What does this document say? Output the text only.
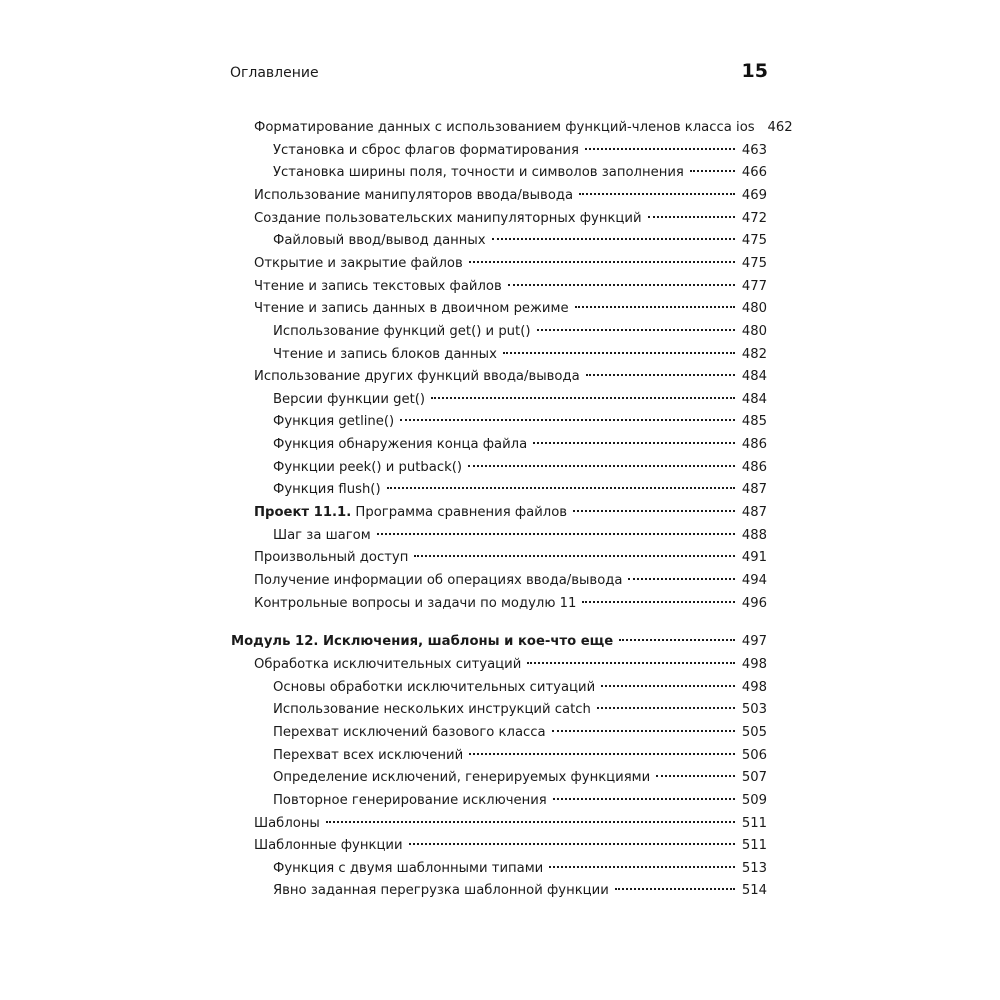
Оглавление	15
Форматирование данных с использованием функций-членов класса ios 462
Установка и сброс флагов форматирования	463
Установка ширины поля, точности и символов заполнения	466
Использование манипуляторов ввода/вывода	469
Создание пользовательских манипуляторных функций	472
Файловый ввод/вывод данных	475
Открытие и закрытие файлов	475
Чтение и запись текстовых файлов	477
Чтение и запись данных в двоичном режиме	480
Использование функций get() и put()	480
Чтение и запись блоков данных	482
Использование других функций ввода/вывода	484
Версии функции get()	484
Функция getline()	485
Функция обнаружения конца файла	486
Функции peek() и putback()	486
Функция flush()	487
Проект 11.1. Программа сравнения файлов	487
Шаг за шагом	488
Произвольный доступ	491
Получение информации об операциях ввода/вывода	494
Контрольные вопросы и задачи по модулю 11	496
Модуль 12. Исключения, шаблоны и кое-что еще	497
Обработка исключительных ситуаций	498
Основы обработки исключительных ситуаций	498
Использование нескольких инструкций catch	503
Перехват исключений базового класса	505
Перехват всех исключений	506
Определение исключений, генерируемых функциями	507
Повторное генерирование исключения	509
Шаблоны	511
Шаблонные функции	511
Функция с двумя шаблонными типами	513
Явно заданная перегрузка шаблонной функции	514
